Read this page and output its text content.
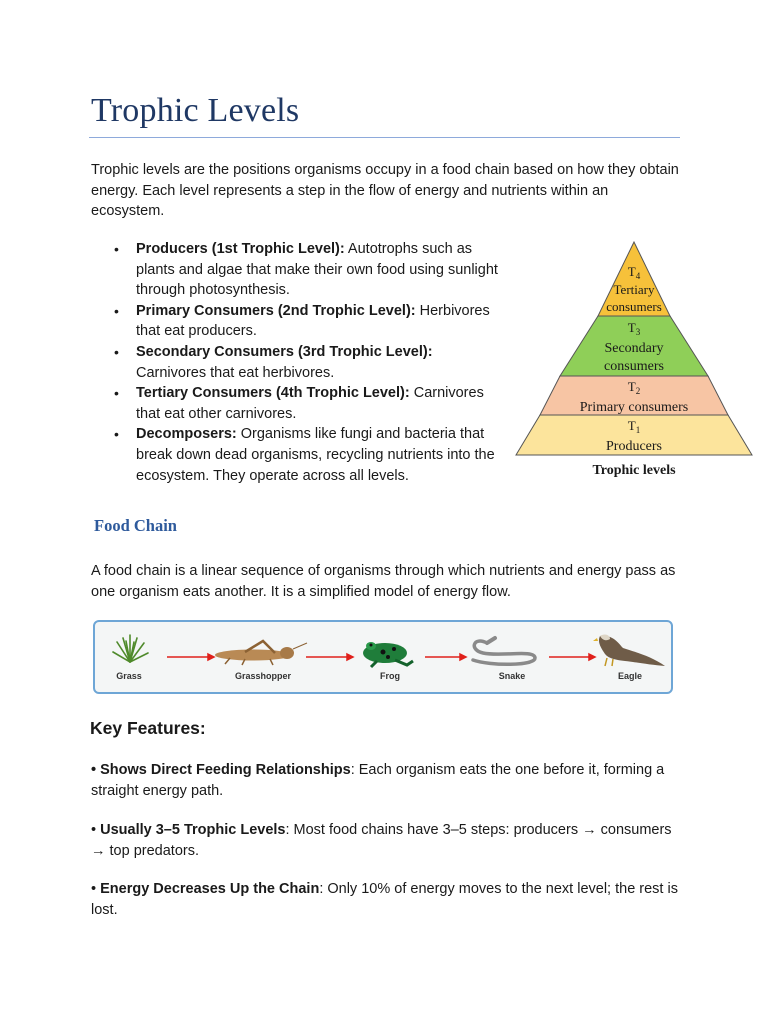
Trophic Levels

Trophic levels are the positions organisms occupy in a food chain based on how they obtain energy. Each level represents a step in the flow of energy and nutrients within an ecosystem.

• Producers (1st Trophic Level): Autotrophs such as plants and algae that make their own food using sunlight through photosynthesis.
• Primary Consumers (2nd Trophic Level): Herbivores that eat producers.
• Secondary Consumers (3rd Trophic Level): Carnivores that eat herbivores.
• Tertiary Consumers (4th Trophic Level): Carnivores that eat other carnivores.
• Decomposers: Organisms like fungi and bacteria that break down dead organisms, recycling nutrients into the ecosystem. They operate across all levels.
$T_4$
Tertiary
consumers
$T_3$
Secondary
consumers
$T_2$
Primary consumers
$T_1$
Producers
Trophic levels
Food Chain

A food chain is a linear sequence of organisms through which nutrients and energy pass as one organism eats another. It is a simplified model of energy flow.

Grass	Grasshopper	Frog	Snake	Eagle
Key Features:

• Shows Direct Feeding Relationships: Each organism eats the one before it, forming a straight energy path.

• Usually 3–5 Trophic Levels: Most food chains have 3–5 steps: producers → consumers → top predators.

• Energy Decreases Up the Chain: Only 10% of energy moves to the next level; the rest is lost.
